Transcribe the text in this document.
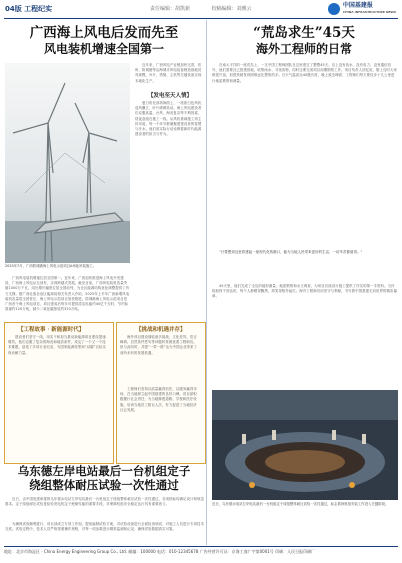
04版 工程纪实	责任编辑：胡凯新	校稿编辑：刘雅云	中国基建报
CHINA INFRASTRUCTURE NEWS
广西海上风电后发而先至
风电装机增速全国第一
2025年7月，广西防城港海上风电示范项目A场址吊装施工。

广西风电装机增速位居全国第一。近年来，广西加快推进海上风电开发建设，广西海上风电从无到有，实现跨越式发展。截至目前，广西风电装机容量突破1000万千瓦，同比增长幅度位居全国前列，为全区能源结构优化调整提供了有力支撑。据广西壮族自治区能源局相关负责人介绍，2025年上半年广西新增风电装机容量居全国首位，海上风电示范项目加快推进。防城港海上风电示范项目是广西首个海上风电项目，项目建成后每年可提供清洁电能约40亿千瓦时，节约标准煤约120万吨，减少二氧化碳排放约320万吨。

近年来，广西风电产业链加快完善，钦州、防城港等沿海城市风电装备制造基地初具规模，叶片、塔筒、主机等关键设备实现本地化生产。

【发电至天人情】

夏日的北部湾海面上，一座座白色风机迎风矗立，叶片缓缓转动。海上风电建设者们克服高温、台风、海况复杂等不利因素，昼夜奋战在施工一线。从风机基础施工到主体吊装，每一个环节都凝聚着建设者的智慧与汗水。他们用实际行动诠释着新时代能源建设者的担当与作为。

【工程故事 · 新能源时代】

建设者们坚守一线，用实干和担当推动新能源项目建设提速增效。他们克服了复杂的海况和地质条件，攻克了一个又一个技术难题，创造了多项行业纪录，为国家能源转型和“双碳”目标实现贡献力量。

【挑战和机遇并存】

海外项目建设面临诸多挑战，文化差异、语言障碍、自然条件恶劣等问题时常困扰着工程师们。但与此同时，共建“一带一路”也为中国企业带来了前所未有的发展机遇。

工程师们坚持以质量赢得信任，以服务赢得市场，在当地树立起中国基建的良好口碑。项目部积极履行社会责任，为当地修建道路、学校和医疗设施，培训当地员工数百人次，有力促进了当地经济社会发展。

乌东德左岸电站最后一台机组定子
绕组整体耐压试验一次性通过
“荒岛求生”45天
海外工程师的日常

在南太平洋的一座荒岛上，一支中国工程师团队在这里度过了整整45天。岛上没有淡水、没有电力、没有通信信号，他们需要自己搭建营地、收集雨水、寻找食物，同时还要完成项目前期勘察工作。项目负责人回忆说，刚上岛时大家都很兴奋，但很快就发现困难远比想象的多。白天气温高达40摄氏度，晚上蚊虫肆虐，工程师们每天要徒步十几公里进行地质勘察和测量。

“只要想到这里将建起一座现代化的港口，能为当地人民带来更好的生活，一切辛苦都值得。”

45天里，他们完成了全岛的地形测量、地质勘察和水文调查，为项目后续设计施工提供了详实的第一手资料。当补给船终于到达时，每个人都晒得黝黑，却笑得格外灿烂。海外工程师们用坚守与奉献，书写着中国基建走向世界的精彩篇章。

近日，乌东德水电站左岸电站最后一台机组定子绕组整体耐压试验一次性通过，标志着该机组安装工作进入关键阶段。

近日，由中国电建承建的乌东德水电站左岸电站最后一台机组定子绕组整体耐压试验一次性通过，各项指标均满足设计和规范要求。定子绕组耐压试验是检验发电机定子绝缘性能的重要手段，对保障机组安全稳定运行具有重要意义。

为确保试验顺利进行，项目部成立专项工作组，提前编制试验方案，对试验设备进行全面检查调试，对施工人员进行专项技术交底。试验过程中，技术人员严格按照操作规程，对每一项参数进行精准监测和记录，确保试验数据真实可靠。

地址：北京市海淀区 · China Energy Engineering Group Co., Ltd. 邮编：100000 电话：010-12345678 广告经营许可证：京海工商广字第0001号 印刷：人民日报印刷厂
